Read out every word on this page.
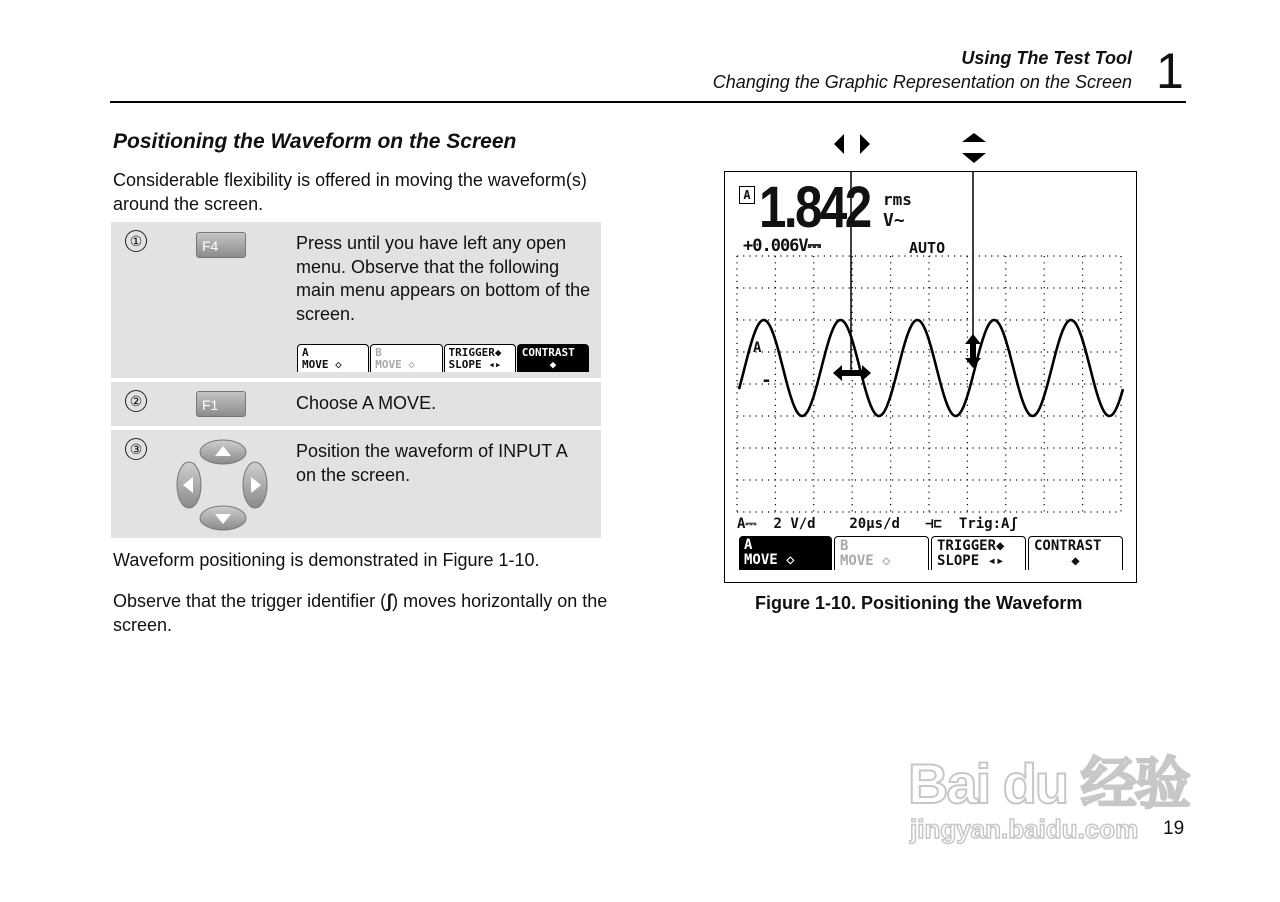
Using The Test Tool
Changing the Graphic Representation on the Screen 1
Positioning the Waveform on the Screen
Considerable flexibility is offered in moving the waveform(s) around the screen.
①	F4	Press until you have left any open menu. Observe that the following main menu appears on bottom of the screen.
A
MOVE ◇
B
MOVE ◇
TRIGGER◆
SLOPE ◂▸
CONTRAST
◆
②	F1	Choose A MOVE.
③	Position the waveform of INPUT A on the screen.
Waveform positioning is demonstrated in Figure 1-10.
Observe that the trigger identifier (ʃ) moves horizontally on the screen.
A 1.842 rms
V~
+0.006V⎓	AUTO
A
-
A⎓  2 V/d    20µs/d   ⊣⊏  Trig:Aʃ
A
MOVE ◇
B
MOVE ◇
TRIGGER◆
SLOPE ◂▸
CONTRAST
◆
Figure 1-10. Positioning the Waveform
Bai du 经验
jingyan.baidu.com 19
